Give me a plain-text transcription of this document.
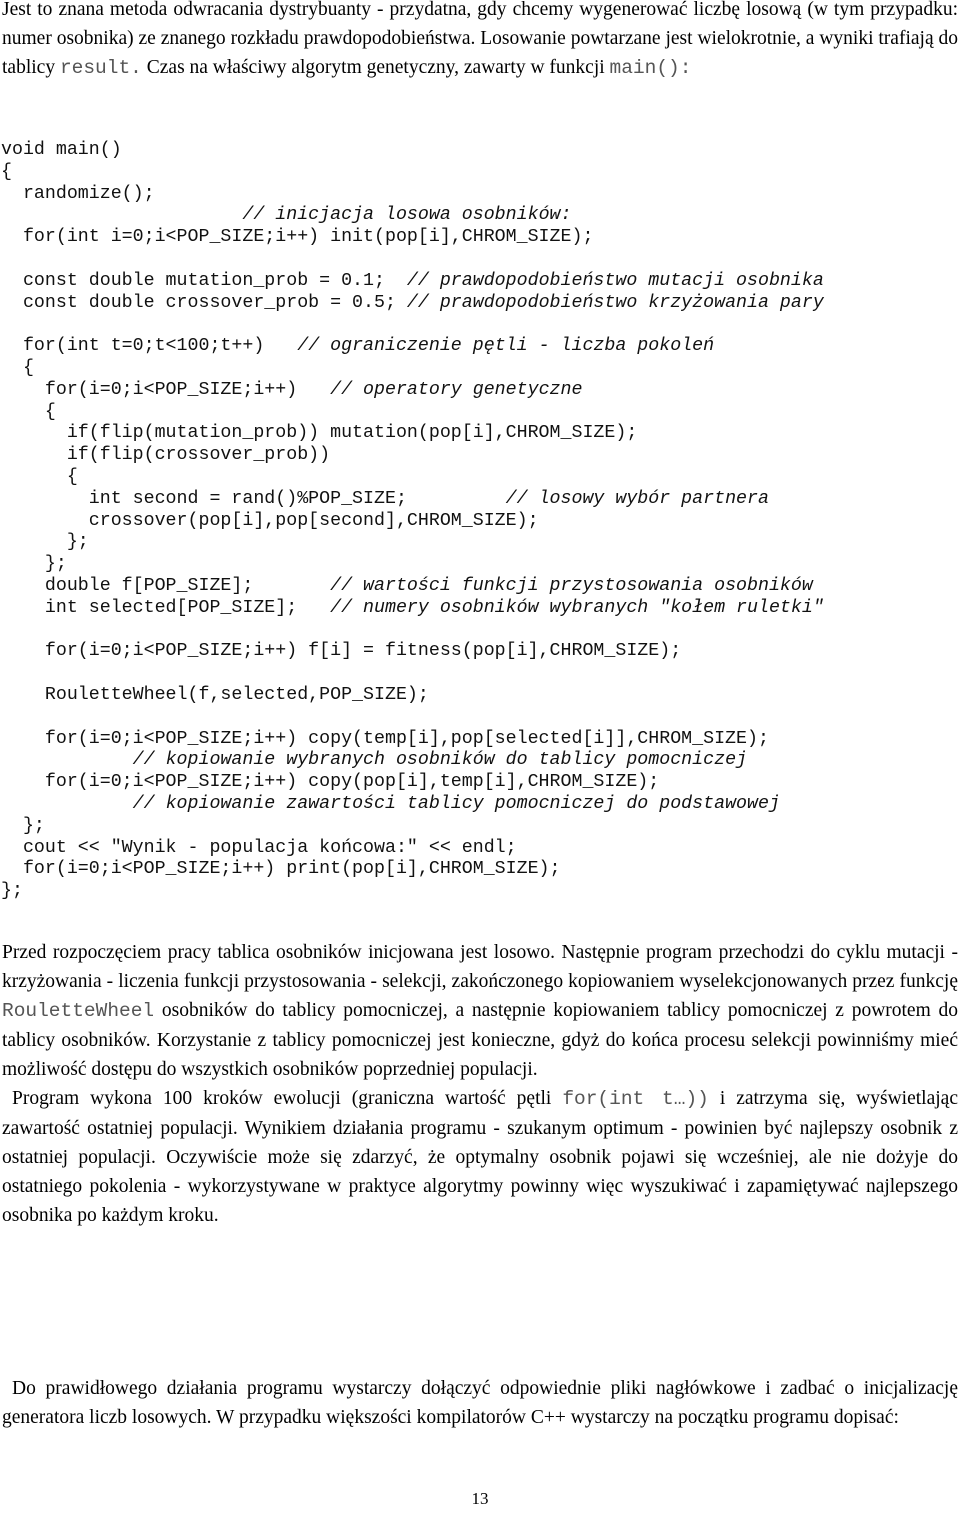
Jest to znana metoda odwracania dystrybuanty - przydatna, gdy chcemy wygenerować liczbę losową (w tym przypadku: numer osobnika) ze znanego rozkładu prawdopodobieństwa. Losowanie powtarzane jest wielokrotnie, a wyniki trafiają do tablicy result. Czas na właściwy algorytm genetyczny, zawarty w funkcji main():

void main()
{
randomize();
// inicjacja losowa osobników:
for(int i=0;i<POP_SIZE;i++) init(pop[i],CHROM_SIZE);
const double mutation_prob = 0.1;  // prawdopodobieństwo mutacji osobnika
const double crossover_prob = 0.5; // prawdopodobieństwo krzyżowania pary
for(int t=0;t<100;t++)   // ograniczenie pętli - liczba pokoleń
{
for(i=0;i<POP_SIZE;i++)   // operatory genetyczne
{
if(flip(mutation_prob)) mutation(pop[i],CHROM_SIZE);
if(flip(crossover_prob))
{
int second = rand()%POP_SIZE;         // losowy wybór partnera
crossover(pop[i],pop[second],CHROM_SIZE);
};
};
double f[POP_SIZE];       // wartości funkcji przystosowania osobników
int selected[POP_SIZE];   // numery osobników wybranych "kołem ruletki"
for(i=0;i<POP_SIZE;i++) f[i] = fitness(pop[i],CHROM_SIZE);
RouletteWheel(f,selected,POP_SIZE);
for(i=0;i<POP_SIZE;i++) copy(temp[i],pop[selected[i]],CHROM_SIZE);
// kopiowanie wybranych osobników do tablicy pomocniczej
for(i=0;i<POP_SIZE;i++) copy(pop[i],temp[i],CHROM_SIZE);
// kopiowanie zawartości tablicy pomocniczej do podstawowej
};
cout << "Wynik - populacja końcowa:" << endl;
for(i=0;i<POP_SIZE;i++) print(pop[i],CHROM_SIZE);
};
Przed rozpoczęciem pracy tablica osobników inicjowana jest losowo. Następnie program przechodzi do cyklu mutacji - krzyżowania - liczenia funkcji przystosowania - selekcji, zakończonego kopiowaniem wyselekcjonowanych przez funkcję RouletteWheel osobników do tablicy pomocniczej, a następnie kopiowaniem tablicy pomocniczej z powrotem do tablicy osobników. Korzystanie z tablicy pomocniczej jest konieczne, gdyż do końca procesu selekcji powinniśmy mieć możliwość dostępu do wszystkich osobników poprzedniej populacji.
Program wykona 100 kroków ewolucji (graniczna wartość pętli for(int t…)) i zatrzyma się, wyświetlając zawartość ostatniej populacji. Wynikiem działania programu - szukanym optimum - powinien być najlepszy osobnik z ostatniej populacji. Oczywiście może się zdarzyć, że optymalny osobnik pojawi się wcześniej, ale nie dożyje do ostatniego pokolenia - wykorzystywane w praktyce algorytmy powinny więc wyszukiwać i zapamiętywać najlepszego osobnika po każdym kroku.

Do prawidłowego działania programu wystarczy dołączyć odpowiednie pliki nagłówkowe i zadbać o inicjalizację generatora liczb losowych. W przypadku większości kompilatorów C++ wystarczy na początku programu dopisać:

13
